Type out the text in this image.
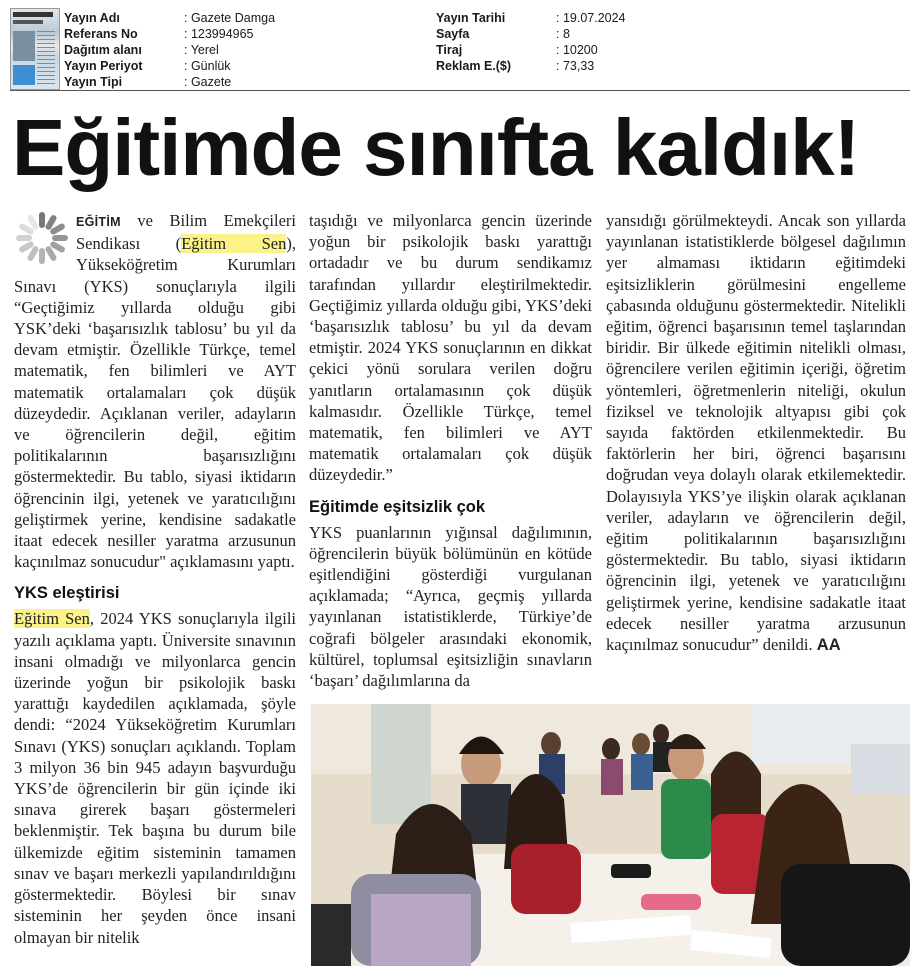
Yayın Adı	: Gazete Damga
Referans No	: 123994965
Dağıtım alanı	: Yerel
Yayın Periyot	: Günlük
Yayın Tipi	: Gazete
Yayın Tarihi	: 19.07.2024
Sayfa	: 8
Tiraj	: 10200
Reklam E.($)	: 73,33
Eğitimde sınıfta kaldık!

EĞİTİM ve Bilim Emekçileri Sendikası (Eğitim Sen), Yükseköğretim Kurumları Sınavı (YKS) sonuçlarıyla ilgili “Geçtiğimiz yıllarda olduğu gibi YSK’deki ‘başarısızlık tablosu’ bu yıl da devam etmiştir. Özellikle Türkçe, temel matematik, fen bilimleri ve AYT matematik ortalamaları çok düşük düzeydedir. Açıklanan veriler, adayların ve öğrencilerin değil, eğitim politikalarının başarısızlığını göstermektedir. Bu tablo, siyasi iktidarın öğrencinin ilgi, yetenek ve yaratıcılığını geliştirmek yerine, kendisine sadakatle itaat edecek nesiller yaratma arzusunun kaçınılmaz sonucudur" açıklamasını yaptı.

YKS eleştirisi

Eğitim Sen, 2024 YKS sonuçlarıyla ilgili yazılı açıklama yaptı. Üniversite sınavının insani olmadığı ve milyonlarca gencin üzerinde yoğun bir psikolojik baskı yarattığı kaydedilen açıklamada, şöyle dendi: “2024 Yükseköğretim Kurumları Sınavı (YKS) sonuçları açıklandı. Toplam 3 milyon 36 bin 945 adayın başvurduğu YKS’de öğrencilerin bir gün içinde iki sınava girerek başarı göstermeleri beklenmiştir. Tek başına bu durum bile ülkemizde eğitim sisteminin tamamen sınav ve başarı merkezli yapılandırıldığını göstermektedir. Böylesi bir sınav sisteminin her şeyden önce insani olmayan bir nitelik

taşıdığı ve milyonlarca gencin üzerinde yoğun bir psikolojik baskı yarattığı ortadadır ve bu durum sendikamız tarafından yıllardır eleştirilmektedir. Geçtiğimiz yıllarda olduğu gibi, YKS’deki ‘başarısızlık tablosu’ bu yıl da devam etmiştir. 2024 YKS sonuçlarının en dikkat çekici yönü sorulara verilen doğru yanıtların ortalamasının çok düşük kalmasıdır. Özellikle Türkçe, temel matematik, fen bilimleri ve AYT matematik ortalamaları çok düşük düzeydedir.”

Eğitimde eşitsizlik çok

YKS puanlarının yığınsal dağılımının, öğrencilerin büyük bölümünün en kötüde eşitlendiğini gösterdiği vurgulanan açıklamada; “Ayrıca, geçmiş yıllarda yayınlanan istatistiklerde, Türkiye’de coğrafi bölgeler arasındaki ekonomik, kültürel, toplumsal eşitsizliğin sınavların ‘başarı’ dağılımlarına da

yansıdığı görülmekteydi. Ancak son yıllarda yayınlanan istatistiklerde bölgesel dağılımın yer almaması iktidarın eğitimdeki eşitsizliklerin görülmesini engelleme çabasında olduğunu göstermektedir. Nitelikli eğitim, öğrenci başarısının temel taşlarından biridir. Bir ülkede eğitimin nitelikli olması, öğrencilere verilen eğitimin içeriği, öğretim yöntemleri, öğretmenlerin niteliği, okulun fiziksel ve teknolojik altyapısı gibi çok sayıda faktörden etkilenmektedir. Bu faktörlerin her biri, öğrenci başarısını doğrudan veya dolaylı olarak etkilemektedir. Dolayısıyla YKS’ye ilişkin olarak açıklanan veriler, adayların ve öğrencilerin değil, eğitim politikalarının başarısızlığını göstermektedir. Bu tablo, siyasi iktidarın öğrencinin ilgi, yetenek ve yaratıcılığını geliştirmek yerine, kendisine sadakatle itaat edecek nesiller yaratma arzusunun kaçınılmaz sonucudur” denildi. AA
